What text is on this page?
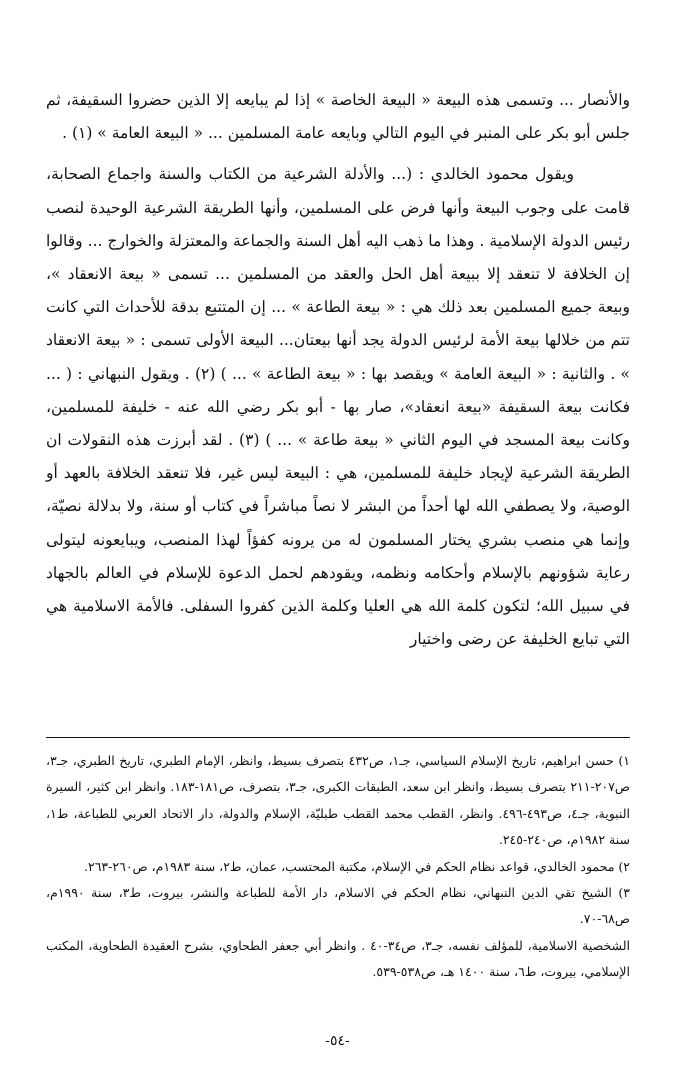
والأنصار ... وتسمى هذه البيعة « البيعة الخاصة » إذا لم يبايعه إلا الذين حضروا السقيفة، ثم جلس أبو بكر على المنبر في اليوم التالي وبايعه عامة المسلمين ... « البيعة العامة » (١) .

ويقول محمود الخالدي : (... والأدلة الشرعية من الكتاب والسنة واجماع الصحابة، قامت على وجوب البيعة وأنها فرض على المسلمين، وأنها الطريقة الشرعية الوحيدة لنصب رئيس الدولة الإسلامية . وهذا ما ذهب اليه أهل السنة والجماعة والمعتزلة والخوارج ... وقالوا إن الخلافة لا تنعقد إلا ببيعة أهل الحل والعقد من المسلمين ... تسمى « بيعة الانعقاد »، وبيعة جميع المسلمين بعد ذلك هي : « بيعة الطاعة » ... إن المتتبع بدقة للأحداث التي كانت تتم من خلالها بيعة الأمة لرئيس الدولة يجد أنها بيعتان... البيعة الأولى تسمى : « بيعة الانعقاد » . والثانية : « البيعة العامة » ويقصد بها : « بيعة الطاعة » ... ) (٢) . ويقول النبهاني : ( ... فكانت بيعة السقيفة «بيعة انعقاد»، صار بها - أبو بكر رضي الله عنه - خليفة للمسلمين، وكانت بيعة المسجد في اليوم الثاني « بيعة طاعة » ... ) (٣) . لقد أبرزت هذه النقولات ان الطريقة الشرعية لإيجاد خليفة للمسلمين، هي : البيعة ليس غير، فلا تنعقد الخلافة بالعهد أو الوصية، ولا يصطفي الله لها أحداً من البشر لا نصاً مباشراً في كتاب أو سنة، ولا بدلالة نصيّة، وإنما هي منصب بشري يختار المسلمون له من يرونه كفؤاً لهذا المنصب، ويبايعونه ليتولى رعاية شؤونهم بالإسلام وأحكامه ونظمه، ويقودهم لحمل الدعوة للإسلام في العالم بالجهاد في سبيل الله؛ لتكون كلمة الله هي العليا وكلمة الذين كفروا السفلى. فالأمة الاسلامية هي التي تبايع الخليفة عن رضى واختيار

١) حسن ابراهيم، تاريخ الإسلام السياسي، جـ١، ص٤٣٢ بتصرف بسيط، وانظر، الإمام الطبري، تاريخ الطبري، جـ٣، ص٢٠٧-٢١١ بتصرف بسيط، وانظر ابن سعد، الطبقات الكبرى، جـ٣، بتصرف، ص١٨١-١٨٣. وانظر ابن كثير، السيرة النبوية، جـ٤، ص٤٩٣-٤٩٦. وانظر، القطب محمد القطب طبليّة، الإسلام والدولة، دار الاتحاد العربي للطباعة، ط١، سنة ١٩٨٢م، ص٢٤٠-٢٤٥.

٢) محمود الخالدي، قواعد نظام الحكم في الإسلام، مكتبة المحتسب، عمان، ط٢، سنة ١٩٨٣م، ص٢٦٠-٢٦٣.

٣) الشيخ تقي الدين النبهاني، نظام الحكم في الاسلام، دار الأمة للطباعة والنشر، بيروت، ط٣، سنة ١٩٩٠م، ص٦٨-٧٠.

الشخصية الاسلامية، للمؤلف نفسه، جـ٣، ص٣٤-٤٠ . وانظر أبي جعفر الطحاوي، بشرح العقيدة الطحاوية، المكتب الإسلامي، بيروت، ط٦، سنة ١٤٠٠ هـ، ص٥٣٨-٥٣٩.

-٥٤-
